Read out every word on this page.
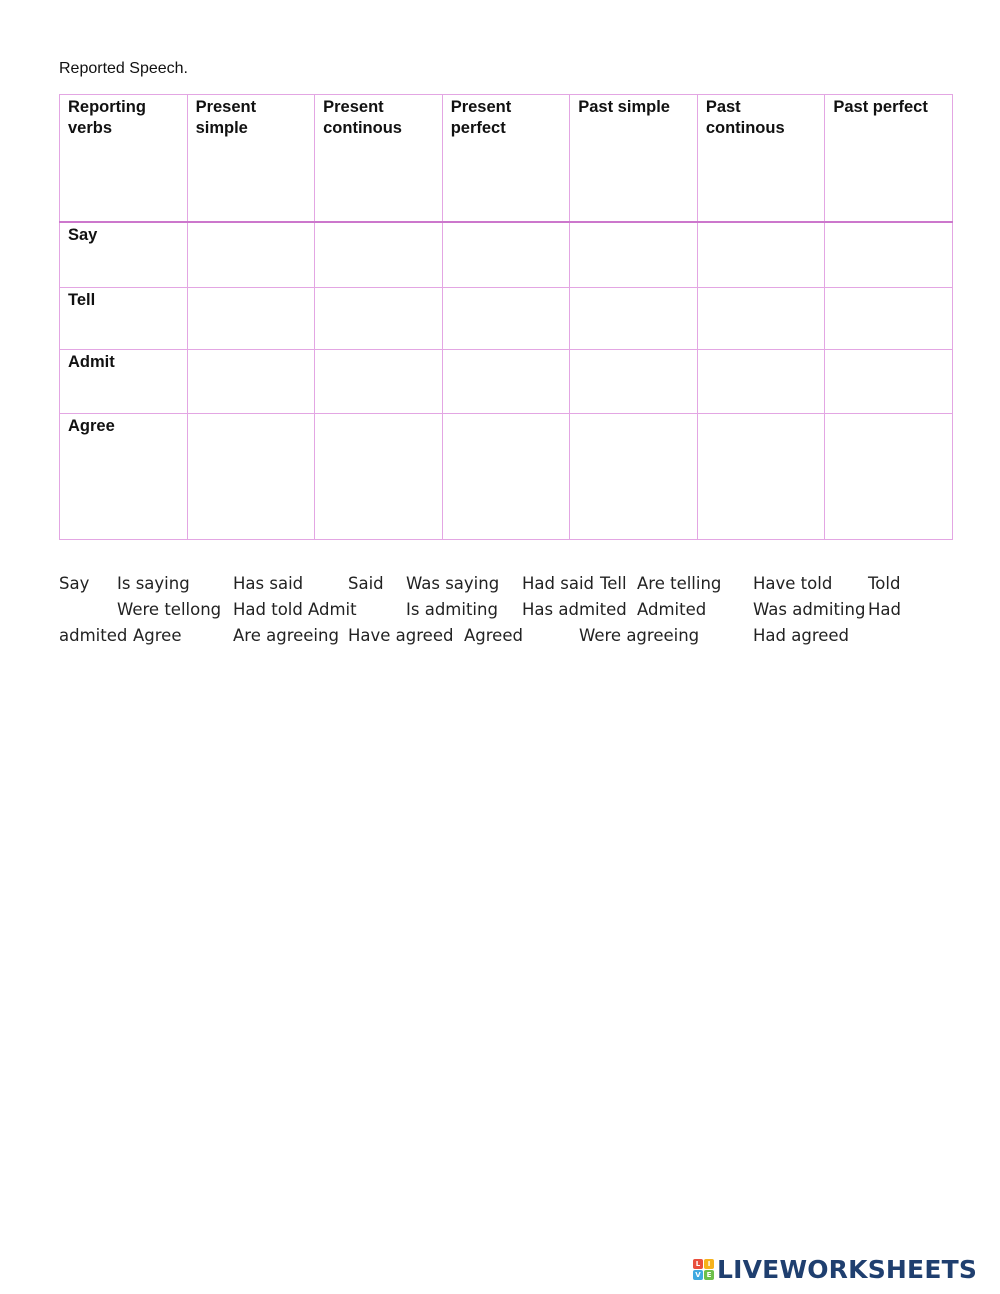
Reported Speech.
Reporting verbs	Present simple	Present continous	Present perfect	Past simple	Past continous	Past perfect
Say						
Tell						
Admit						
Agree						
Say Is saying	Has said	Said Was saying Had said Tell Are telling Have told Told
Were tellong Had told Admit	Is admiting Has admited Admited	Was admiting Had
admited Agree	Are agreeing Have agreed Agreed	Were agreeing	Had agreed
L	I
V E LIVEWORKSHEETS
